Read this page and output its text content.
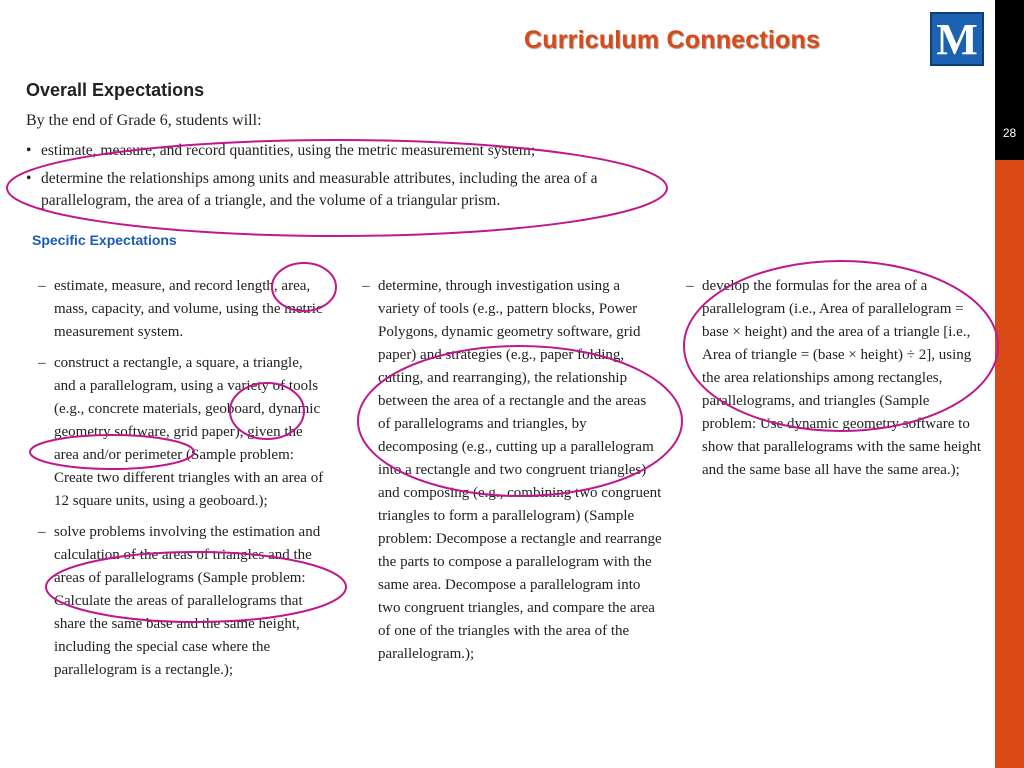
28
Curriculum Connections	M
Overall Expectations
By the end of Grade 6, students will:
• estimate, measure, and record quantities, using the metric measurement system;
• determine the relationships among units and measurable attributes, including the area of a
parallelogram, the area of a triangle, and the volume of a triangular prism.
Specific Expectations
– estimate, measure, and record length, area, mass, capacity, and volume, using the metric measurement system.

– construct a rectangle, a square, a triangle, and a parallelogram, using a variety of tools (e.g., concrete materials, geoboard, dynamic geometry software, grid paper), given the area and/or perimeter (Sample problem: Create two different triangles with an area of 12 square units, using a geoboard.);

– solve problems involving the estimation and calculation of the areas of triangles and the areas of parallelograms (Sample problem: Calculate the areas of parallelograms that share the same base and the same height, including the special case where the parallelogram is a rectangle.);

– determine, through investigation using a variety of tools (e.g., pattern blocks, Power Polygons, dynamic geometry software, grid paper) and strategies (e.g., paper folding, cutting, and rearranging), the relationship between the area of a rectangle and the areas of parallelograms and triangles, by decomposing (e.g., cutting up a parallelogram into a rectangle and two congruent triangles) and composing (e.g., combining two congruent triangles to form a parallelogram) (Sample problem: Decompose a rectangle and rearrange the parts to compose a parallelogram with the same area. Decompose a parallelogram into two congruent triangles, and compare the area of one of the triangles with the area of the parallelogram.);

– develop the formulas for the area of a parallelogram (i.e., Area of parallelogram = base × height) and the area of a triangle [i.e., Area of triangle = (base × height) ÷ 2], using the area relationships among rectangles, parallelograms, and triangles (Sample problem: Use dynamic geometry software to show that parallelograms with the same height and the same base all have the same area.);
